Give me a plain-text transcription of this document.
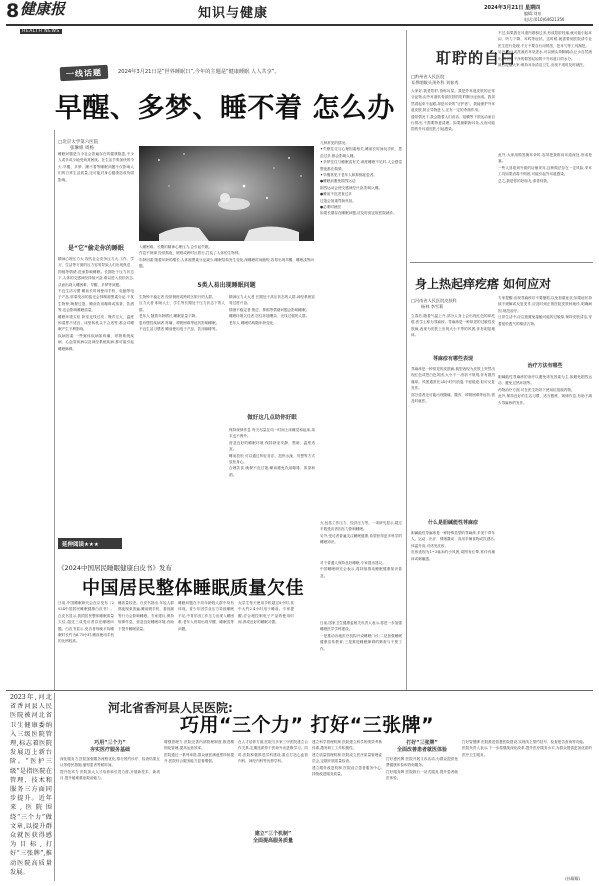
8 健康报
HEALTH NEWS
知识与健康	2024年3月21日 星期四
编辑:刘泉
电话:(010)64621350
一线话题	2024年3月21日是“世界睡眠日”,今年的主题是“健康睡眠 人人共享”。
早醒、多梦、睡不着 怎么办
□北京大学第六医院
张琳姐 周杨
睡眠问题是当今社会普遍存在的健康隐患,不少人或多或少地受到其困扰。在生活节奏加快的今天,早醒、多梦、睡不着等睡眠问题不仅影响人们的日常生活质量,还可能对身心健康造成负面影响。
是“它”偷走你的睡眠
精神心理压力大 现代社会竞争压力大,工作、学习、生活等方面的压力容易导致人们出现焦虑、抑郁等情绪,进而影响睡眠。长期处于压力状态下,人体的交感神经持续兴奋,难以进入放松状态,从而出现入睡困难、早醒、多梦等问题。
不良生活习惯 睡前长时间使用手机、电脑等电子产品,屏幕发出的蓝光会抑制褪黑素分泌,干扰生物钟;晚餐过饱、睡前饮用咖啡或浓茶、饮酒等,也会影响睡眠质量。
睡眠环境欠佳 卧室光线过亮、噪声过大、温度和湿度不适宜、床垫和枕头不合适等,都会对睡眠产生不利影响。
疾病因素 一些躯体疾病如疼痛、呼吸系统疾病、心血管疾病以及神经系统疾病,都可能引起睡眠障碍。
入睡困难。长期的精神心理压力,会引起失眠。
作息不规律 经常熬夜、倒班或跨时区旅行,打乱了人体的生物钟。
年龄因素 随着年龄的增长,人体褪黑素分泌减少,睡眠结构发生变化,深睡眠时间缩短,容易出现早醒、睡眠浅等问题。
5类人易出现睡眠问题
生物钟不稳定者 经常倒班或跨时区旅行的人群。
压力大者 职场人士、学生等长期处于压力状态下的人群。
老年人 随着年龄增长,睡眠质量下降。
患有慢性疾病者 疼痛、呼吸困难等症状影响睡眠。
不良生活习惯者 睡前使用电子产品、饮用咖啡等。
精神压力太大者 长期处于高压状态的人群,神经系统容易过度兴奋。
情绪不稳定者 焦虑、抑郁等情绪问题会影响睡眠。
睡眠环境欠佳者 居住环境嘈杂、光线过强的人群。
老年人 睡眠结构随年龄变化。
做好这几点助你好眠
保持规律作息 每天尽量在同一时间上床睡觉和起床,周末也不例外。
营造良好的睡眠环境 保持卧室安静、黑暗、温度适宜。
睡前放松 可以通过听轻音乐、泡热水澡、冥想等方式放松身心。
合理饮食 晚餐不宜过饱,睡前避免饮用咖啡、浓茶和酒。
几种常见的情况。
✦失眠往往与心理因素相关,睡前长时间玩手机、思虑过多,都会影响入睡。
✦多梦往往与睡眠浅有关,深度睡眠不足时,人会感觉整夜都在做梦。
✦早醒常见于老年人和抑郁症患者。
●睡眠前避免剧烈运动
剧烈运动会使交感神经兴奋,影响入睡。
●睡前不宜进食过多
过饱会加重胃肠负担。
●必要时就医
如果长期存在睡眠问题,应及时到正规医院就诊。
延伸阅读★★★
《2024中国居民睡眠健康白皮书》发布
中国居民整体睡眠质量欠佳
日前,中国睡眠研究会在京发布《2024中国居民睡眠健康白皮书》。白皮书显示,我国居民整体睡眠质量欠佳,超过三成受访者存在睡眠问题。白皮书显示,受访者每晚平均睡眠时长约为6.75小时,睡前使用手机的比例较高。
睡质量较差。白皮书指出,年轻人群熬夜现象普遍,睡前刷手机、看视频等行为会影响睡眠。专家建议,保持规律作息、营造良好睡眠环境,有助于提升睡眠质量。
睡眠问题在不同年龄段人群中均有体现。青少年因学业压力导致睡眠不足,中青年因工作压力出现入睡困难,老年人则易出现早醒、睡眠浅等问题。
大学生每天使用手机超过8小时,其中大约2.4小时用于睡前。专家提醒,应合理控制电子产品的使用时间,养成良好的睡眠习惯。
大,包括工作压力、经济压力等。一项研究显示,超过半数受访者因压力影响睡眠。
另外,受访者普遍关注睡眠健康,希望获得更多科学的睡眠知识。
对于普通人保持良好睡眠,专家提出建议。
中国睡眠研究会表示,将持续推动睡眠健康知识普及。
日前,国家卫生健康委相关负责人表示,将进一步加强睡眠医学学科建设。
一是推动各地医疗机构开设睡眠门诊;二是加强睡眠健康宣传教育;三是推进睡眠障碍的筛查与干预工作。
2023年,河北省香河县人民医院被河北省卫生健康委纳入三级医院管理,标志着医院发展迈上新台阶。“医护三级”是指医院在管理、技术和服务三方面同步提升。近年来,医院围绕“三个力”做文章,以提升群众就医获得感为目标,打好“三张牌”,推动医院高质量发展。
河北省香河县人民医院:
巧用“三个力” 打好“三张牌”
巧用“三个力”
夯实医疗服务基础
深化服务力 医院加强服务流程优化,推行预约诊疗、检查结果互认等便民措施,缩短患者等候时间。
提升技术力 医院加大人才培养和引进力度,开展新技术、新项目,提升疑难重症救治能力。
增强管理力 医院完善内部管理制度,推进精细化管理,提高运营效率。
医院通过一系列举措,群众就医满意度持续提升,医院综合服务能力显著增强。
在人才培养方面,医院与多家三甲医院建立合作关系,定期选派骨干医师外出进修学习。同时,医院积极推进学科建设,重点打造心血管内科、神经内科等优势学科。
建立“三个机制”
全面提高服务质量
建立科学管理机制 医院建立科学的绩效考核体系,激发职工工作积极性。
建立质量管理机制 医院成立医疗质量管理委员会,定期开展质量检查。
建立服务改进机制 医院设立患者服务中心,持续改进服务质量。
打好“三张牌”
全面改善患者就医体验
打好惠民牌 医院开展义诊活动,为群众提供免费健康体检和咨询服务。
打好服务牌 医院推行一站式服务,提升患者就医体验。
打好智慧牌 医院推进智慧医院建设,实现线上预约挂号、检查报告查询等功能。
医院负责人表示,下一步将继续深化改革,提升医疗服务水平,为群众提供更加优质的医疗卫生服务。
(孙耀耀)
耵聍的自白
□黔州省人民医院
耳鼻咽喉头颈外科 刘春秀
大家好,我是耵聍,俗称耳屎。我是外耳道皮肤的正常分泌物,由外耳道软骨部皮肤的耵聍腺分泌而成。我虽然看起来不起眼,却是耳朵的“守护者”。我能保护外耳道皮肤,防止异物进入,还有一定的杀菌作用。
通常情况下,我会随着人们说话、咀嚼等下颌运动而自行排出,不需要特意清理。如果频繁掏耳朵,反而可能损伤外耳道皮肤,引起感染。
不过,如果我在耳道内堆积过多,形成耵聍栓塞,就可能引起耳闷、听力下降、耳鸣等症状。这时候,就需要到医院请专业医生进行处理,千万不要自行用棉签、挖耳勺等工具掏挖。
另外,游泳或洗澡后耳朵进水,可以侧头单脚跳动,让水自然流出,或者用干净的棉签轻轻吸干外耳道口的水分。
最后提醒大家:保持耳朵清洁卫生,出现不适时及时就医。
此外,大家用棉签掏耳朵时,容易把我推向耳道深处,形成栓塞。
一些人喜欢到外面的店铺采耳,这种做法存在一定风险,采耳工具如果消毒不彻底,可能引起外耳道感染。
总之,我是你的好朋友,请善待我。
身上热起痒疙瘩 如何应对
□河南省人民医院皮肤科
杨林 李雪莉
立春后,随着气温上升,部分人身上会出现红色的痒疙瘩,医学上称为荨麻疹。荨麻疹是一种常见的过敏性皮肤病,表现为皮肤上出现大小不等的风团,伴有明显瘙痒。
荨麻疹有哪些表现
荨麻疹是一种常见的皮肤病,典型表现为皮肤上突然出现红色或苍白色风团,大小不一,形状不规则,伴有剧烈瘙痒。风团通常在24小时内消退,不留痕迹,但可反复发作。
部分患者还可能出现腹痛、腹泻、呼吸困难等症状,需及时就医。
什么是胆碱能性荨麻疹
胆碱能性荨麻疹是一种特殊类型的荨麻疹,多见于青年人。运动、出汗、情绪激动、食用辛辣食物或饮酒后,体温升高,可诱发皮疹。
皮疹表现为1~3毫米的小风团,周围有红晕,常伴有瘙痒或刺痛感。
专家提醒:出现荨麻疹后不要搔抓,以免加重症状;如果症状持续不缓解或反复发作,应及时到正规医院皮肤科就诊,明确病因,规范治疗。
日常生活中,应注意避免接触可能的过敏原,保持皮肤清洁,穿着宽松透气的棉质衣物。
治疗方法有哪些
胆碱能性荨麻疹的治疗以避免诱发因素为主,如避免剧烈运动、避免过热环境等。
药物治疗方面,可在医生指导下使用抗组胺药物。
此外,保持良好的生活习惯、适当锻炼、规律作息,有助于减少荨麻疹的发作。
